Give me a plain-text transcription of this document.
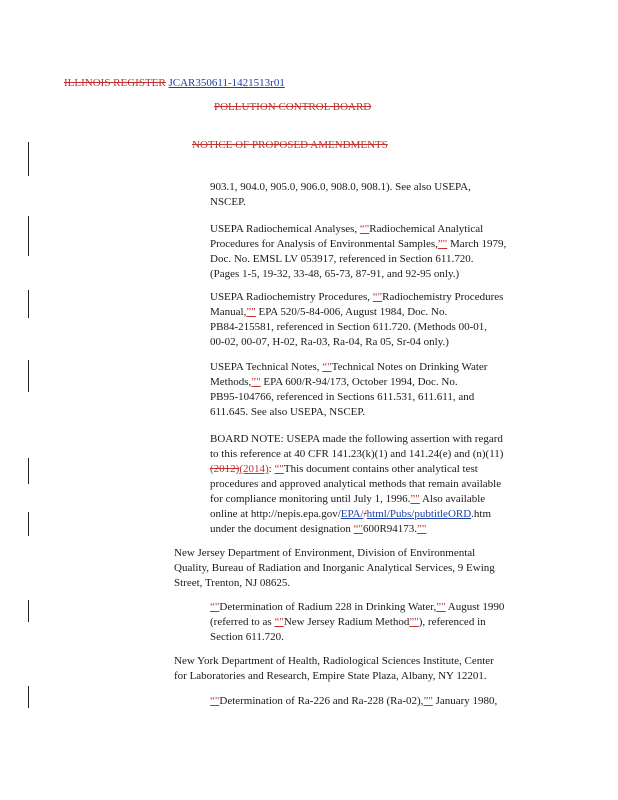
ILLINOIS REGISTER JCAR350611-1421513r01
POLLUTION CONTROL BOARD
NOTICE OF PROPOSED AMENDMENTS
903.1, 904.0, 905.0, 906.0, 908.0, 908.1). See also USEPA,
NSCEP.
USEPA Radiochemical Analyses, “"Radiochemical Analytical
Procedures for Analysis of Environmental Samples,”" March 1979,
Doc. No. EMSL LV 053917, referenced in Section 611.720.
(Pages 1-5, 19-32, 33-48, 65-73, 87-91, and 92-95 only.)
USEPA Radiochemistry Procedures, “"Radiochemistry Procedures
Manual,”" EPA 520/5-84-006, August 1984, Doc. No.
PB84-215581, referenced in Section 611.720. (Methods 00-01,
00-02, 00-07, H-02, Ra-03, Ra-04, Ra 05, Sr-04 only.)
USEPA Technical Notes, “"Technical Notes on Drinking Water
Methods,”" EPA 600/R-94/173, October 1994, Doc. No.
PB95-104766, referenced in Sections 611.531, 611.611, and
611.645. See also USEPA, NSCEP.
BOARD NOTE: USEPA made the following assertion with regard
to this reference at 40 CFR 141.23(k)(1) and 141.24(e) and (n)(11)
(2012)(2014): “"This document contains other analytical test
procedures and approved analytical methods that remain available
for compliance monitoring until July 1, 1996.”" Also available
online at http://nepis.epa.gov/EPA//html/Pubs/pubtitleORD.htm
under the document designation “"600R94173.”"
New Jersey Department of Environment, Division of Environmental
Quality, Bureau of Radiation and Inorganic Analytical Services, 9 Ewing
Street, Trenton, NJ 08625.
“"Determination of Radium 228 in Drinking Water,”" August 1990
(referred to as “"New Jersey Radium Method”"), referenced in
Section 611.720.
New York Department of Health, Radiological Sciences Institute, Center
for Laboratories and Research, Empire State Plaza, Albany, NY 12201.
“"Determination of Ra-226 and Ra-228 (Ra-02),”" January 1980,
